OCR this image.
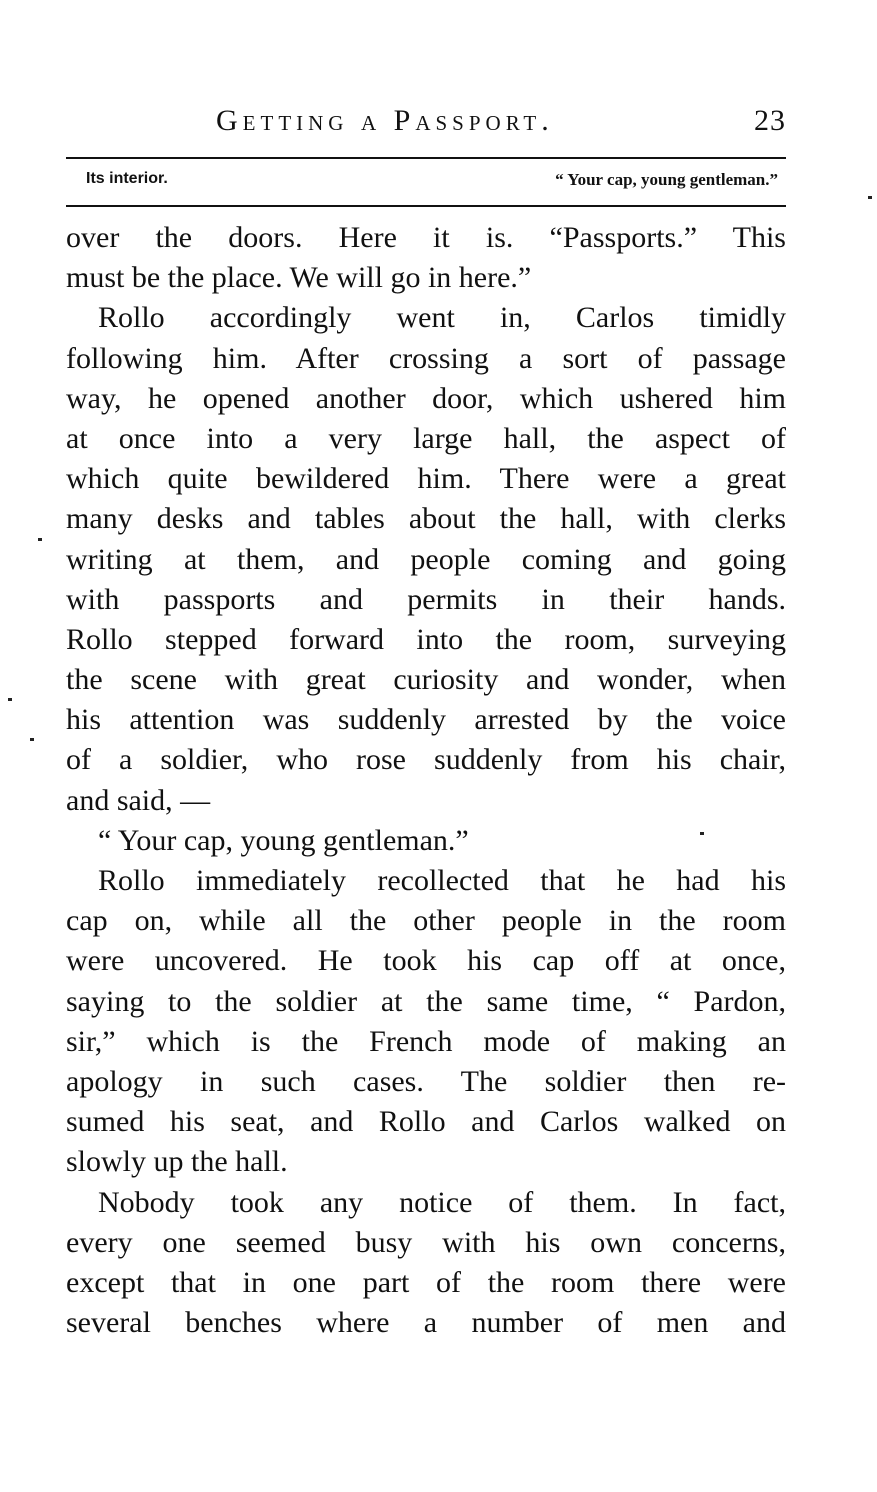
Getting a Passport.	23
Its interior.	“ Your cap, young gentleman.”
over the doors. Here it is. “Passports.” This
must be the place. We will go in here.”
Rollo accordingly went in, Carlos timidly
following him. After crossing a sort of passage
way, he opened another door, which ushered him
at once into a very large hall, the aspect of
which quite bewildered him. There were a great
many desks and tables about the hall, with clerks
writing at them, and people coming and going
with passports and permits in their hands.
Rollo stepped forward into the room, surveying
the scene with great curiosity and wonder, when
his attention was suddenly arrested by the voice
of a soldier, who rose suddenly from his chair,
and said, —
“ Your cap, young gentleman.”
Rollo immediately recollected that he had his
cap on, while all the other people in the room
were uncovered. He took his cap off at once,
saying to the soldier at the same time, “ Pardon,
sir,” which is the French mode of making an
apology in such cases. The soldier then re-
sumed his seat, and Rollo and Carlos walked on
slowly up the hall.
Nobody took any notice of them. In fact,
every one seemed busy with his own concerns,
except that in one part of the room there were
several benches where a number of men and
